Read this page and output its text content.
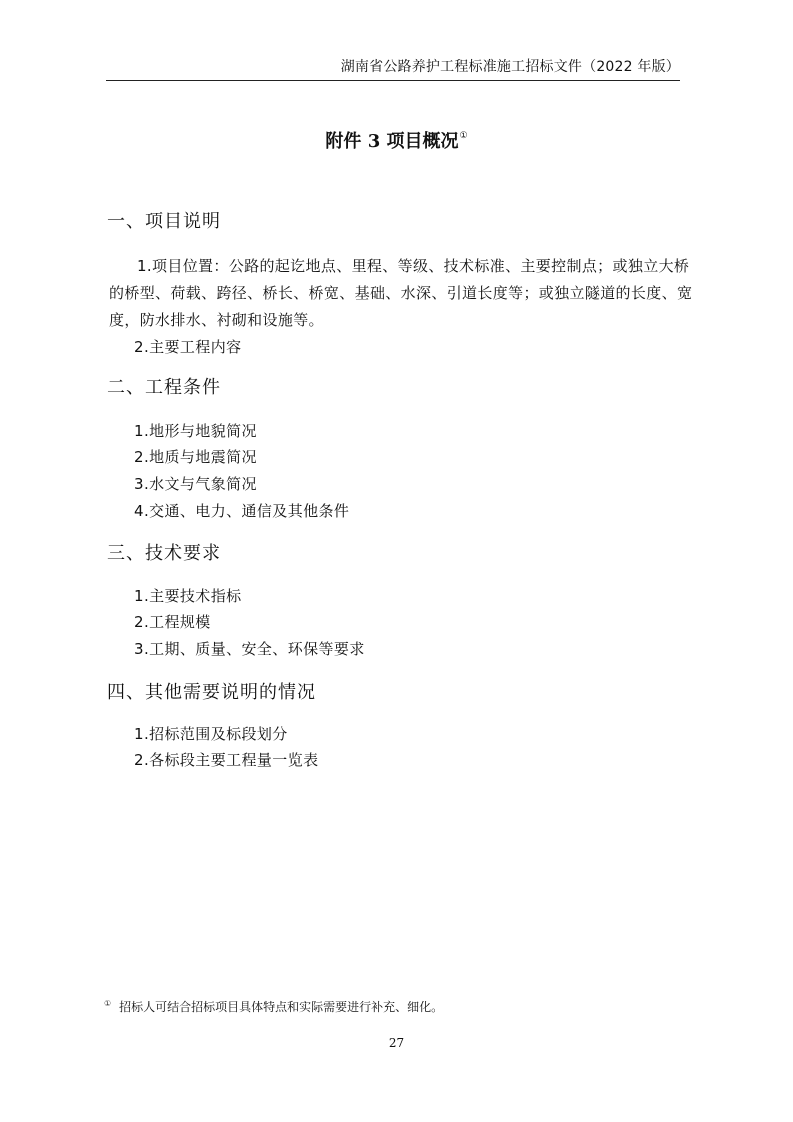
湖南省公路养护工程标准施工招标文件（2022 年版）
附件 3 项目概况①
一、项目说明
1.项目位置：公路的起讫地点、里程、等级、技术标准、主要控制点；或独立大桥的桥型、荷载、跨径、桥长、桥宽、基础、水深、引道长度等；或独立隧道的长度、宽度，防水排水、衬砌和设施等。
2.主要工程内容
二、工程条件
1.地形与地貌简况
2.地质与地震简况
3.水文与气象简况
4.交通、电力、通信及其他条件
三、技术要求
1.主要技术指标
2.工程规模
3.工期、质量、安全、环保等要求
四、其他需要说明的情况
1.招标范围及标段划分
2.各标段主要工程量一览表
① 招标人可结合招标项目具体特点和实际需要进行补充、细化。
27
